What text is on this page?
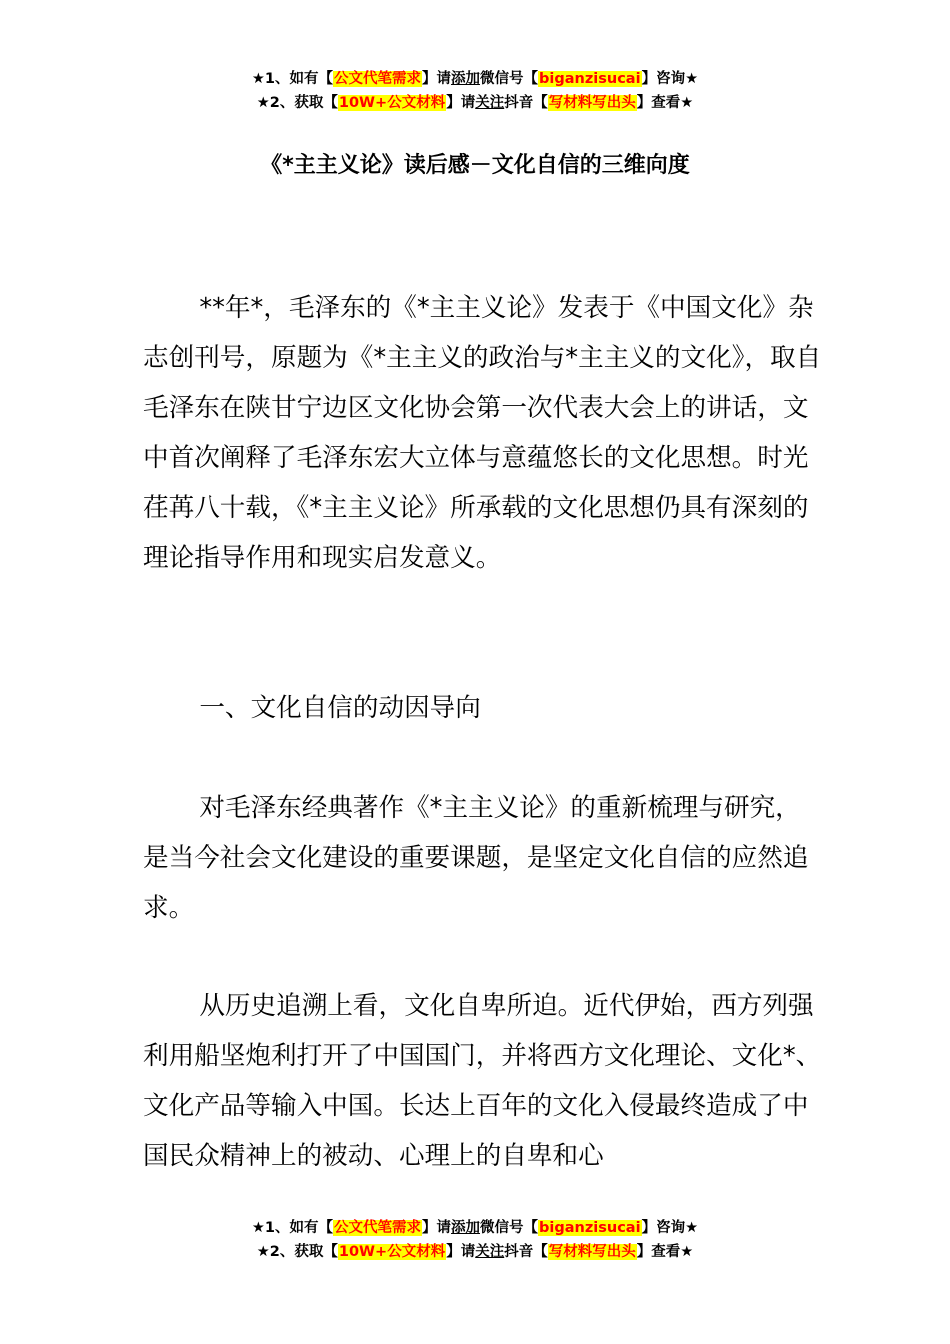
★1、如有【公文代笔需求】请添加微信号【biganzisucai】咨询★
★2、获取【10W+公文材料】请关注抖音【写材料写出头】查看★
《*主主义论》读后感－文化自信的三维向度

**年*，毛泽东的《*主主义论》发表于《中国文化》杂志创刊号，原题为《*主主义的政治与*主主义的文化》，取自毛泽东在陕甘宁边区文化协会第一次代表大会上的讲话，文中首次阐释了毛泽东宏大立体与意蕴悠长的文化思想。时光荏苒八十载，《*主主义论》所承载的文化思想仍具有深刻的理论指导作用和现实启发意义。

一、文化自信的动因导向

对毛泽东经典著作《*主主义论》的重新梳理与研究，是当今社会文化建设的重要课题，是坚定文化自信的应然追求。

从历史追溯上看，文化自卑所迫。近代伊始，西方列强利用船坚炮利打开了中国国门，并将西方文化理论、文化*、文化产品等输入中国。长达上百年的文化入侵最终造成了中国民众精神上的被动、心理上的自卑和心

★1、如有【公文代笔需求】请添加微信号【biganzisucai】咨询★
★2、获取【10W+公文材料】请关注抖音【写材料写出头】查看★
